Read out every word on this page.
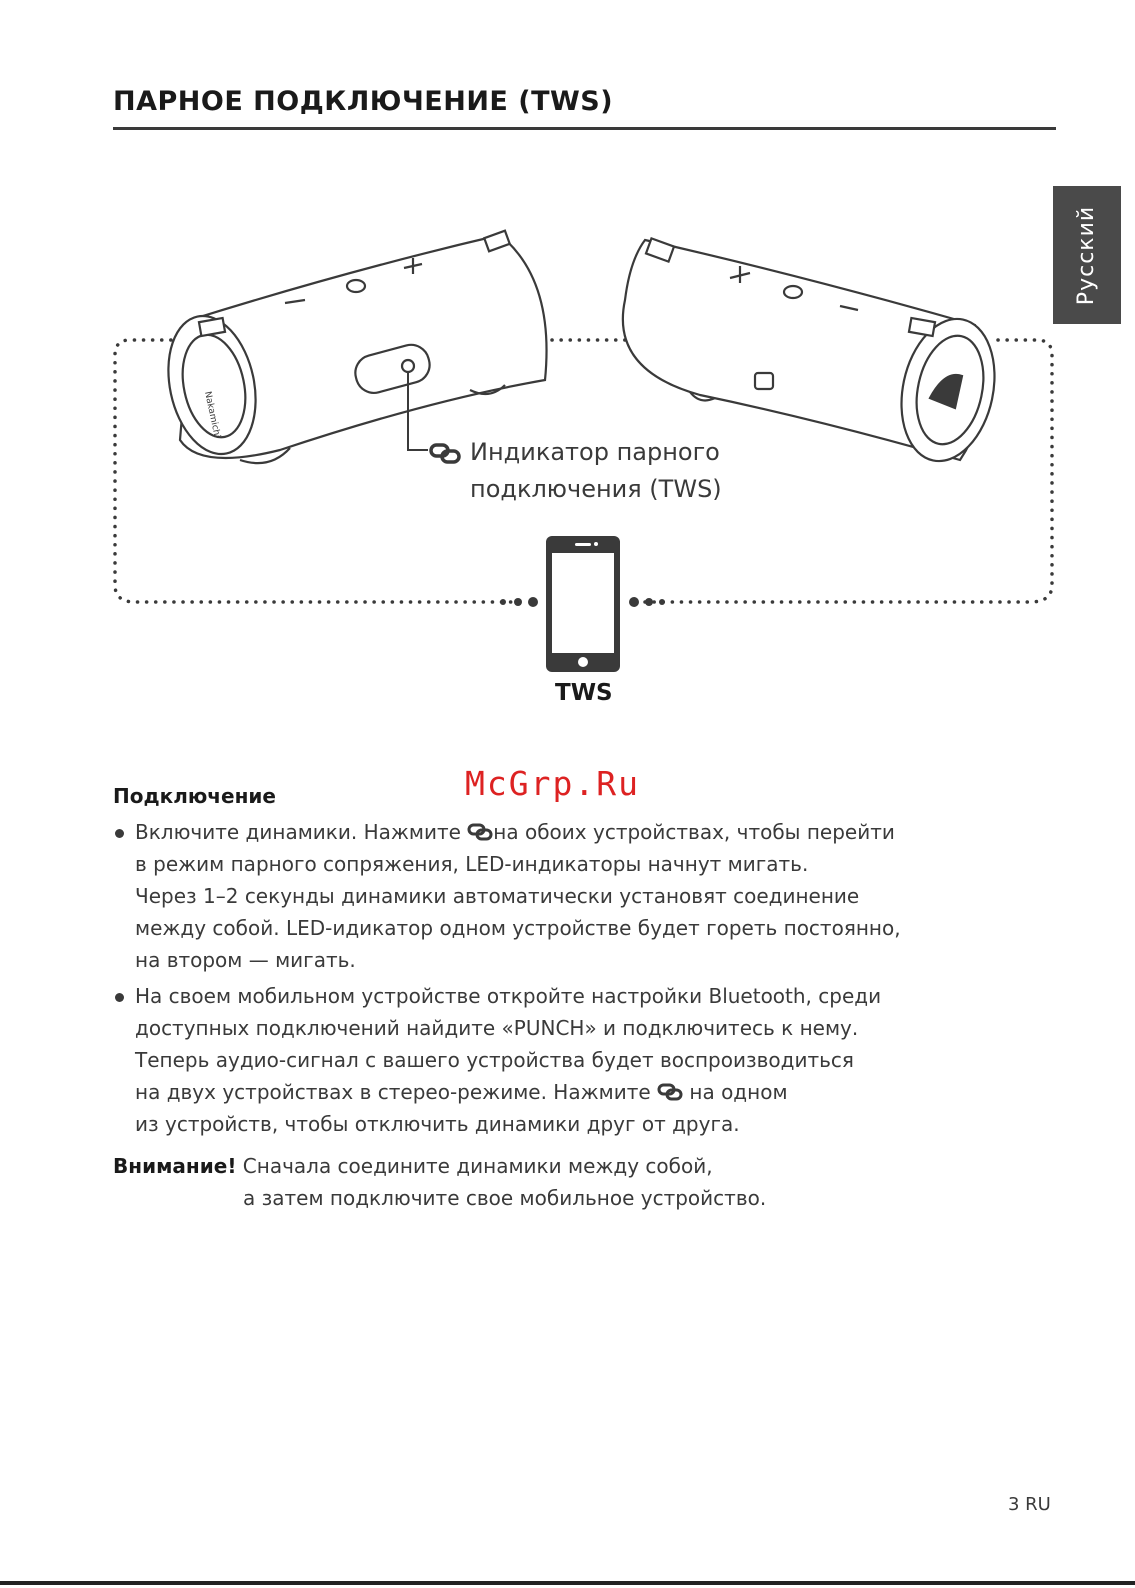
ПАРНОЕ ПОДКЛЮЧЕНИЕ (TWS)
Русский
Nakamichi
Индикатор парного
подключения (TWS)
TWS
McGrp.Ru
Подключение
Включите динамики. Нажмите на обоих устройствах, чтобы перейти
в режим парного сопряжения, LED-индикаторы начнут мигать.
Через 1–2 секунды динамики автоматически установят соединение
между собой. LED-идикатор одном устройстве будет гореть постоянно,
на втором — мигать.
На своем мобильном устройстве откройте настройки Bluetooth, среди
доступных подключений найдите «PUNCH» и подключитесь к нему.
Теперь аудио-сигнал с вашего устройства будет воспроизводиться
на двух устройствах в стерео-режиме. Нажмите  на одном
из устройств, чтобы отключить динамики друг от друга.
Внимание! Сначала соедините динамики между собой,
а затем подключите свое мобильное устройство.
3 RU
